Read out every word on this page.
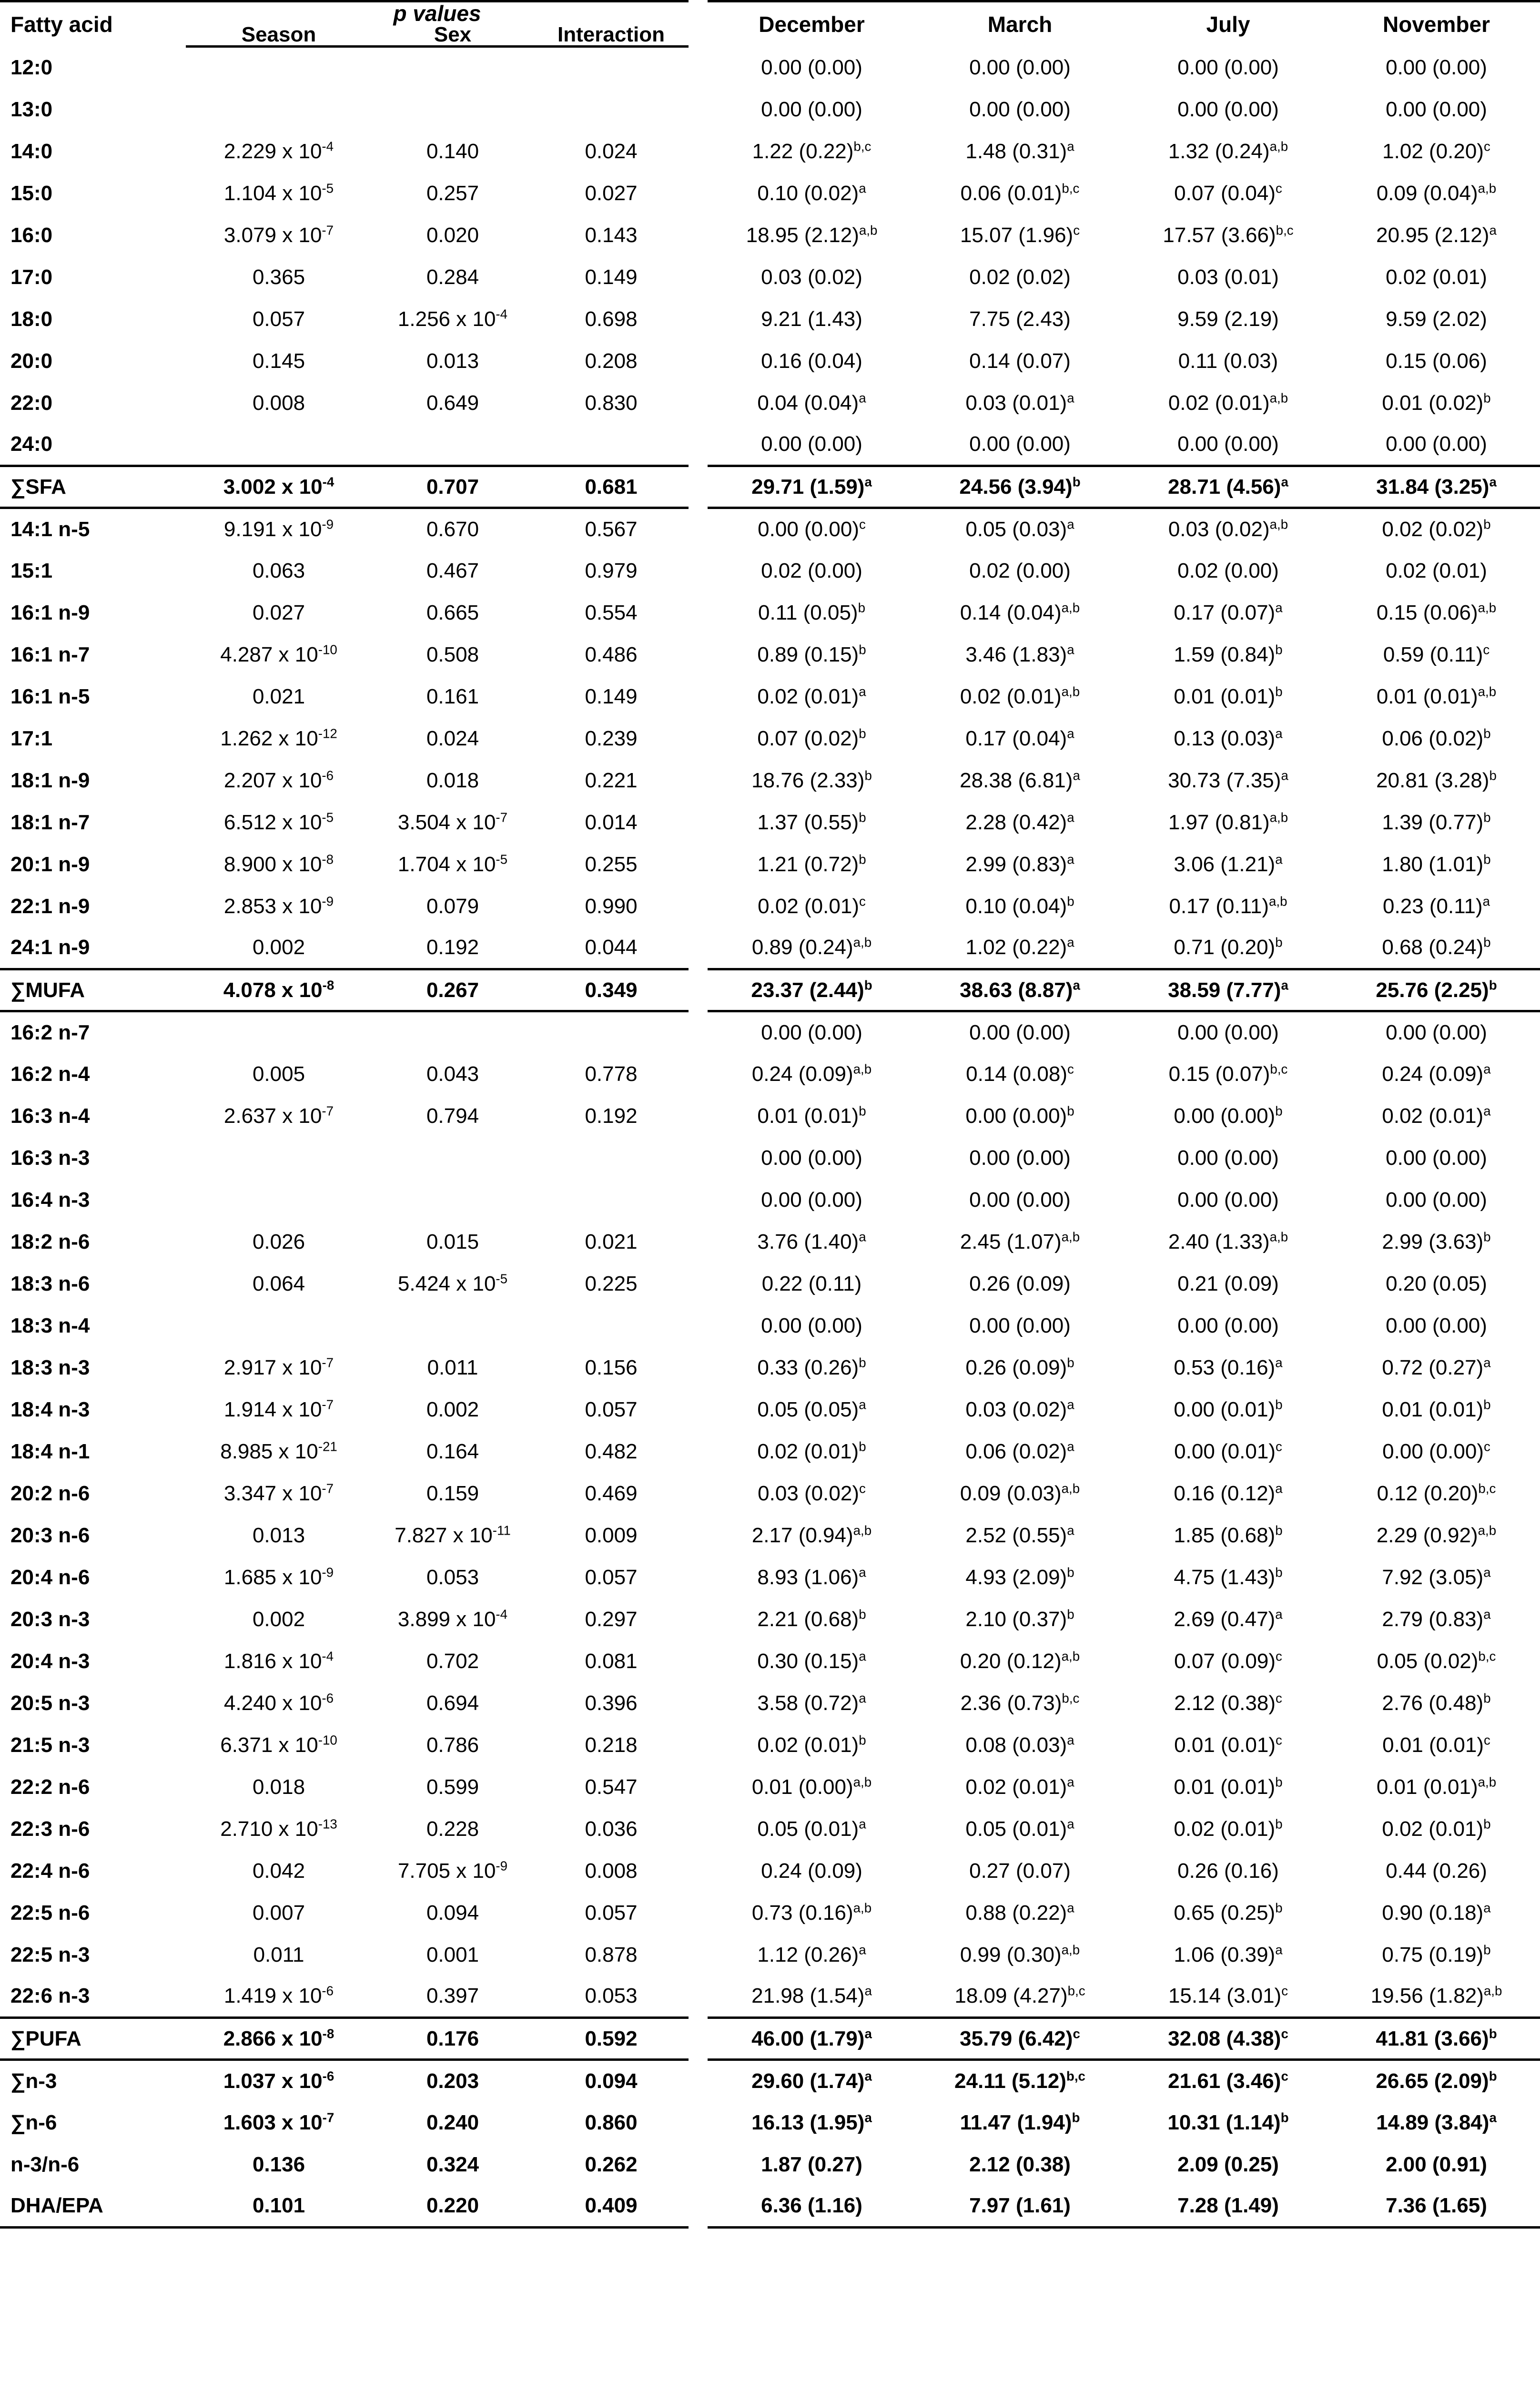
Fatty acid	p values				December	March	July	November
	Season	Sex	Interaction					
12:0					0.00 (0.00)	0.00 (0.00)	0.00 (0.00)	0.00 (0.00)
13:0					0.00 (0.00)	0.00 (0.00)	0.00 (0.00)	0.00 (0.00)
14:0	2.229 x $10^{-4}$	0.140	0.024		1.22 $(0.22)^{b,c}$	1.48 $(0.31)^a$	1.32 $(0.24)^{a,b}$	1.02 $(0.20)^c$
15:0	1.104 x $10^{-5}$	0.257	0.027		0.10 $(0.02)^a$	0.06 $(0.01)^{b,c}$	0.07 $(0.04)^c$	0.09 $(0.04)^{a,b}$
16:0	3.079 x $10^{-7}$	0.020	0.143		18.95 $(2.12)^{a,b}$	15.07 $(1.96)^c$	17.57 $(3.66)^{b,c}$	20.95 $(2.12)^a$
17:0	0.365	0.284	0.149		0.03 (0.02)	0.02 (0.02)	0.03 (0.01)	0.02 (0.01)
18:0	0.057	1.256 x $10^{-4}$	0.698		9.21 (1.43)	7.75 (2.43)	9.59 (2.19)	9.59 (2.02)
20:0	0.145	0.013	0.208		0.16 (0.04)	0.14 (0.07)	0.11 (0.03)	0.15 (0.06)
22:0	0.008	0.649	0.830		0.04 $(0.04)^a$	0.03 $(0.01)^a$	0.02 $(0.01)^{a,b}$	0.01 $(0.02)^b$
24:0					0.00 (0.00)	0.00 (0.00)	0.00 (0.00)	0.00 (0.00)
∑SFA	3.002 x $10^{-4}$	0.707	0.681		29.71 $(1.59)^a$	24.56 $(3.94)^b$	28.71 $(4.56)^a$	31.84 $(3.25)^a$
14:1 n-5	9.191 x $10^{-9}$	0.670	0.567		0.00 $(0.00)^c$	0.05 $(0.03)^a$	0.03 $(0.02)^{a,b}$	0.02 $(0.02)^b$
15:1	0.063	0.467	0.979		0.02 (0.00)	0.02 (0.00)	0.02 (0.00)	0.02 (0.01)
16:1 n-9	0.027	0.665	0.554		0.11 $(0.05)^b$	0.14 $(0.04)^{a,b}$	0.17 $(0.07)^a$	0.15 $(0.06)^{a,b}$
16:1 n-7	4.287 x $10^{-10}$	0.508	0.486		0.89 $(0.15)^b$	3.46 $(1.83)^a$	1.59 $(0.84)^b$	0.59 $(0.11)^c$
16:1 n-5	0.021	0.161	0.149		0.02 $(0.01)^a$	0.02 $(0.01)^{a,b}$	0.01 $(0.01)^b$	0.01 $(0.01)^{a,b}$
17:1	1.262 x $10^{-12}$	0.024	0.239		0.07 $(0.02)^b$	0.17 $(0.04)^a$	0.13 $(0.03)^a$	0.06 $(0.02)^b$
18:1 n-9	2.207 x $10^{-6}$	0.018	0.221		18.76 $(2.33)^b$	28.38 $(6.81)^a$	30.73 $(7.35)^a$	20.81 $(3.28)^b$
18:1 n-7	6.512 x $10^{-5}$	3.504 x $10^{-7}$	0.014		1.37 $(0.55)^b$	2.28 $(0.42)^a$	1.97 $(0.81)^{a,b}$	1.39 $(0.77)^b$
20:1 n-9	8.900 x $10^{-8}$	1.704 x $10^{-5}$	0.255		1.21 $(0.72)^b$	2.99 $(0.83)^a$	3.06 $(1.21)^a$	1.80 $(1.01)^b$
22:1 n-9	2.853 x $10^{-9}$	0.079	0.990		0.02 $(0.01)^c$	0.10 $(0.04)^b$	0.17 $(0.11)^{a,b}$	0.23 $(0.11)^a$
24:1 n-9	0.002	0.192	0.044		0.89 $(0.24)^{a,b}$	1.02 $(0.22)^a$	0.71 $(0.20)^b$	0.68 $(0.24)^b$
∑MUFA	4.078 x $10^{-8}$	0.267	0.349		23.37 $(2.44)^b$	38.63 $(8.87)^a$	38.59 $(7.77)^a$	25.76 $(2.25)^b$
16:2 n-7					0.00 (0.00)	0.00 (0.00)	0.00 (0.00)	0.00 (0.00)
16:2 n-4	0.005	0.043	0.778		0.24 $(0.09)^{a,b}$	0.14 $(0.08)^c$	0.15 $(0.07)^{b,c}$	0.24 $(0.09)^a$
16:3 n-4	2.637 x $10^{-7}$	0.794	0.192		0.01 $(0.01)^b$	0.00 $(0.00)^b$	0.00 $(0.00)^b$	0.02 $(0.01)^a$
16:3 n-3					0.00 (0.00)	0.00 (0.00)	0.00 (0.00)	0.00 (0.00)
16:4 n-3					0.00 (0.00)	0.00 (0.00)	0.00 (0.00)	0.00 (0.00)
18:2 n-6	0.026	0.015	0.021		3.76 $(1.40)^a$	2.45 $(1.07)^{a,b}$	2.40 $(1.33)^{a,b}$	2.99 $(3.63)^b$
18:3 n-6	0.064	5.424 x $10^{-5}$	0.225		0.22 (0.11)	0.26 (0.09)	0.21 (0.09)	0.20 (0.05)
18:3 n-4					0.00 (0.00)	0.00 (0.00)	0.00 (0.00)	0.00 (0.00)
18:3 n-3	2.917 x $10^{-7}$	0.011	0.156		0.33 $(0.26)^b$	0.26 $(0.09)^b$	0.53 $(0.16)^a$	0.72 $(0.27)^a$
18:4 n-3	1.914 x $10^{-7}$	0.002	0.057		0.05 $(0.05)^a$	0.03 $(0.02)^a$	0.00 $(0.01)^b$	0.01 $(0.01)^b$
18:4 n-1	8.985 x $10^{-21}$	0.164	0.482		0.02 $(0.01)^b$	0.06 $(0.02)^a$	0.00 $(0.01)^c$	0.00 $(0.00)^c$
20:2 n-6	3.347 x $10^{-7}$	0.159	0.469		0.03 $(0.02)^c$	0.09 $(0.03)^{a,b}$	0.16 $(0.12)^a$	0.12 $(0.20)^{b,c}$
20:3 n-6	0.013	7.827 x $10^{-11}$	0.009		2.17 $(0.94)^{a,b}$	2.52 $(0.55)^a$	1.85 $(0.68)^b$	2.29 $(0.92)^{a,b}$
20:4 n-6	1.685 x $10^{-9}$	0.053	0.057		8.93 $(1.06)^a$	4.93 $(2.09)^b$	4.75 $(1.43)^b$	7.92 $(3.05)^a$
20:3 n-3	0.002	3.899 x $10^{-4}$	0.297		2.21 $(0.68)^b$	2.10 $(0.37)^b$	2.69 $(0.47)^a$	2.79 $(0.83)^a$
20:4 n-3	1.816 x $10^{-4}$	0.702	0.081		0.30 $(0.15)^a$	0.20 $(0.12)^{a,b}$	0.07 $(0.09)^c$	0.05 $(0.02)^{b,c}$
20:5 n-3	4.240 x $10^{-6}$	0.694	0.396		3.58 $(0.72)^a$	2.36 $(0.73)^{b,c}$	2.12 $(0.38)^c$	2.76 $(0.48)^b$
21:5 n-3	6.371 x $10^{-10}$	0.786	0.218		0.02 $(0.01)^b$	0.08 $(0.03)^a$	0.01 $(0.01)^c$	0.01 $(0.01)^c$
22:2 n-6	0.018	0.599	0.547		0.01 $(0.00)^{a,b}$	0.02 $(0.01)^a$	0.01 $(0.01)^b$	0.01 $(0.01)^{a,b}$
22:3 n-6	2.710 x $10^{-13}$	0.228	0.036		0.05 $(0.01)^a$	0.05 $(0.01)^a$	0.02 $(0.01)^b$	0.02 $(0.01)^b$
22:4 n-6	0.042	7.705 x $10^{-9}$	0.008		0.24 (0.09)	0.27 (0.07)	0.26 (0.16)	0.44 (0.26)
22:5 n-6	0.007	0.094	0.057		0.73 $(0.16)^{a,b}$	0.88 $(0.22)^a$	0.65 $(0.25)^b$	0.90 $(0.18)^a$
22:5 n-3	0.011	0.001	0.878		1.12 $(0.26)^a$	0.99 $(0.30)^{a,b}$	1.06 $(0.39)^a$	0.75 $(0.19)^b$
22:6 n-3	1.419 x $10^{-6}$	0.397	0.053		21.98 $(1.54)^a$	18.09 $(4.27)^{b,c}$	15.14 $(3.01)^c$	19.56 $(1.82)^{a,b}$
∑PUFA	2.866 x $10^{-8}$	0.176	0.592		46.00 $(1.79)^a$	35.79 $(6.42)^c$	32.08 $(4.38)^c$	41.81 $(3.66)^b$
∑n-3	1.037 x $10^{-6}$	0.203	0.094		29.60 $(1.74)^a$	24.11 $(5.12)^{b,c}$	21.61 $(3.46)^c$	26.65 $(2.09)^b$
∑n-6	1.603 x $10^{-7}$	0.240	0.860		16.13 $(1.95)^a$	11.47 $(1.94)^b$	10.31 $(1.14)^b$	14.89 $(3.84)^a$
n-3/n-6	0.136	0.324	0.262		1.87 (0.27)	2.12 (0.38)	2.09 (0.25)	2.00 (0.91)
DHA/EPA	0.101	0.220	0.409		6.36 (1.16)	7.97 (1.61)	7.28 (1.49)	7.36 (1.65)
